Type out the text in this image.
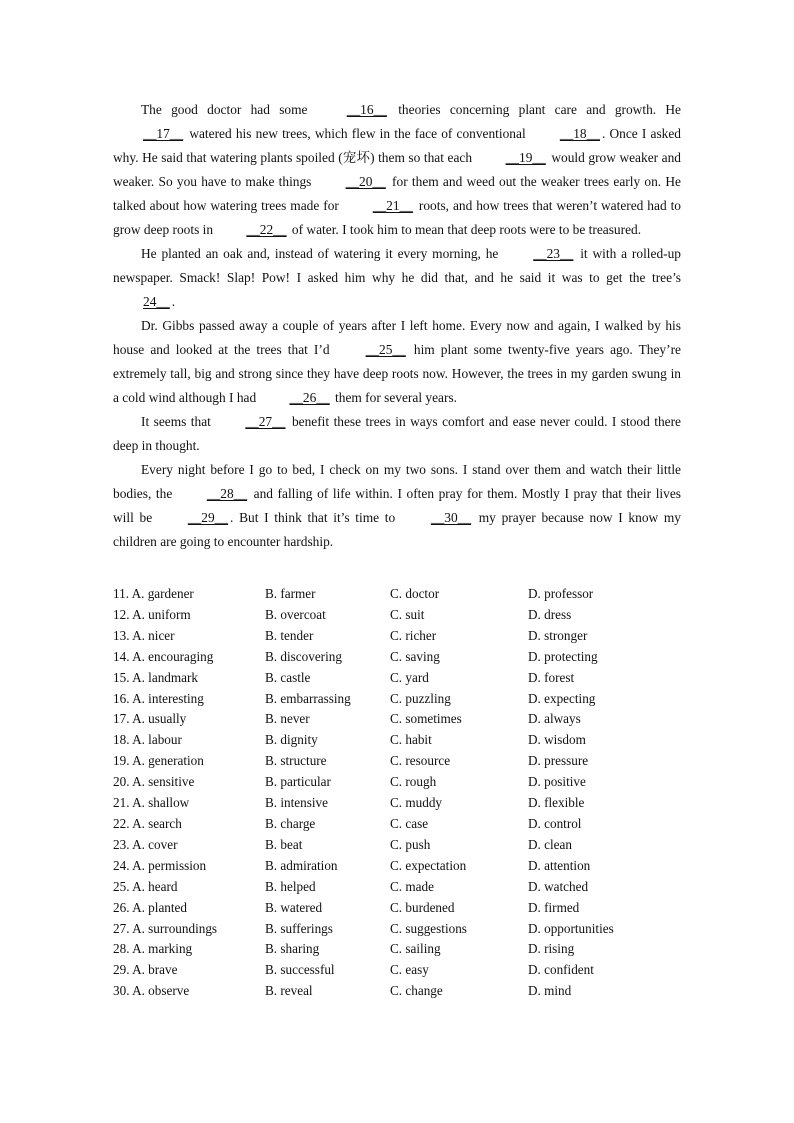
The good doctor had some __16__ theories concerning plant care and growth. He __17__ watered his new trees, which flew in the face of conventional __18__ . Once I asked why. He said that watering plants spoiled (宠坏) them so that each __19__ would grow weaker and weaker. So you have to make things __20__ for them and weed out the weaker trees early on. He talked about how watering trees made for __21__ roots, and how trees that weren’t watered had to grow deep roots in __22__ of water. I took him to mean that deep roots were to be treasured.

He planted an oak and, instead of watering it every morning, he __23__ it with a rolled-up newspaper. Smack! Slap! Pow! I asked him why he did that, and he said it was to get the tree’s 24__ .

Dr. Gibbs passed away a couple of years after I left home. Every now and again, I walked by his house and looked at the trees that I’d __25__ him plant some twenty-five years ago. They’re extremely tall, big and strong since they have deep roots now. However, the trees in my garden swung in a cold wind although I had __26__ them for several years.

It seems that __27__ benefit these trees in ways comfort and ease never could. I stood there deep in thought.

Every night before I go to bed, I check on my two sons. I stand over them and watch their little bodies, the __28__ and falling of life within. I often pray for them. Mostly I pray that their lives will be __29__ . But I think that it’s time to __30__ my prayer because now I know my children are going to encounter hardship.

11. A. gardener	B. farmer	C. doctor	D. professor
12. A. uniform	B. overcoat	C. suit	D. dress
13. A. nicer	B. tender	C. richer	D. stronger
14. A. encouraging	B. discovering	C. saving	D. protecting
15. A. landmark	B. castle	C. yard	D. forest
16. A. interesting	B. embarrassing	C. puzzling	D. expecting
17. A. usually	B. never	C. sometimes	D. always
18. A. labour	B. dignity	C. habit	D. wisdom
19. A. generation	B. structure	C. resource	D. pressure
20. A. sensitive	B. particular	C. rough	D. positive
21. A. shallow	B. intensive	C. muddy	D. flexible
22. A. search	B. charge	C. case	D. control
23. A. cover	B. beat	C. push	D. clean
24. A. permission	B. admiration	C. expectation	D. attention
25. A. heard	B. helped	C. made	D. watched
26. A. planted	B. watered	C. burdened	D. firmed
27. A. surroundings	B. sufferings	C. suggestions	D. opportunities
28. A. marking	B. sharing	C. sailing	D. rising
29. A. brave	B. successful	C. easy	D. confident
30. A. observe	B. reveal	C. change	D. mind
